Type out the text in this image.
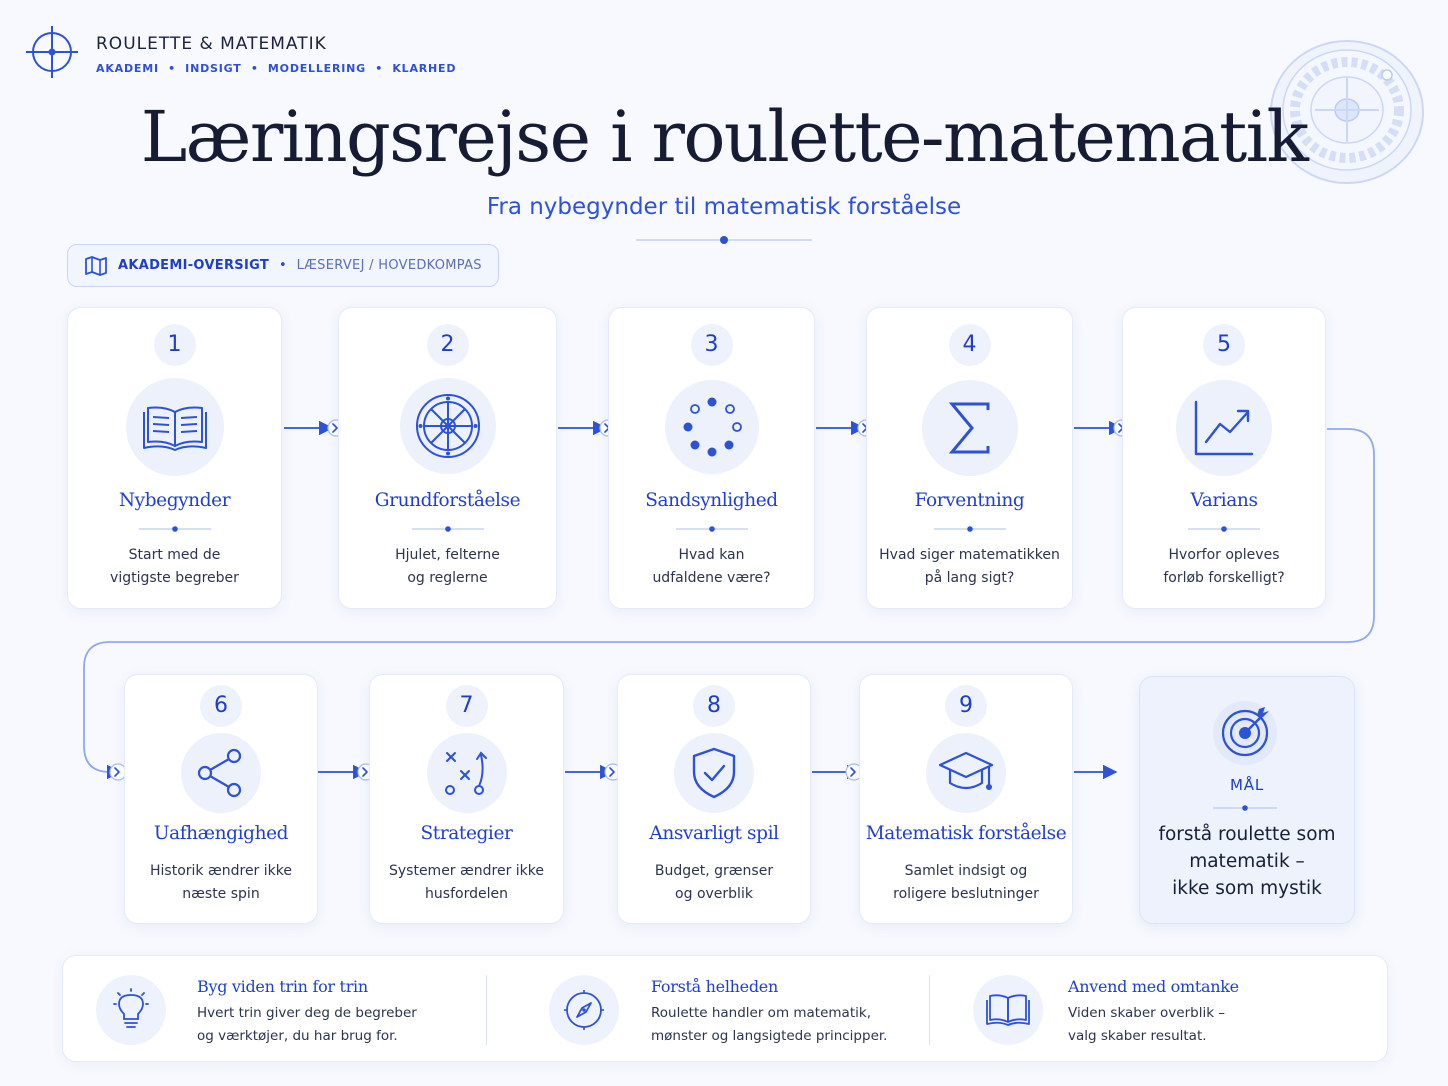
ROULETTE & MATEMATIK
AKADEMI  •  INDSIGT  •  MODELLERING  •  KLARHED
Læringsrejse i roulette-matematik
Fra nybegynder til matematisk forståelse
AKADEMI-OVERSIGT • LÆSERVEJ / HOVEDKOMPAS
1
Nybegynder
Start med de
vigtigste begreber
2
Grundforståelse
Hjulet, felterne
og reglerne
3
Sandsynlighed
Hvad kan
udfaldene være?
4
Forventning
Hvad siger matematikken
på lang sigt?
5
Varians
Hvorfor opleves
forløb forskelligt?
6
Uafhængighed
Historik ændrer ikke
næste spin
7
Strategier
Systemer ændrer ikke
husfordelen
8
Ansvarligt spil
Budget, grænser
og overblik
9
Matematisk forståelse
Samlet indsigt og
roligere beslutninger
MÅL
forstå roulette som
matematik –
ikke som mystik
Byg viden trin for trin
Hvert trin giver deg de begreber
og værktøjer, du har brug for.
Forstå helheden
Roulette handler om matematik,
mønster og langsigtede principper.
Anvend med omtanke
Viden skaber overblik –
valg skaber resultat.
